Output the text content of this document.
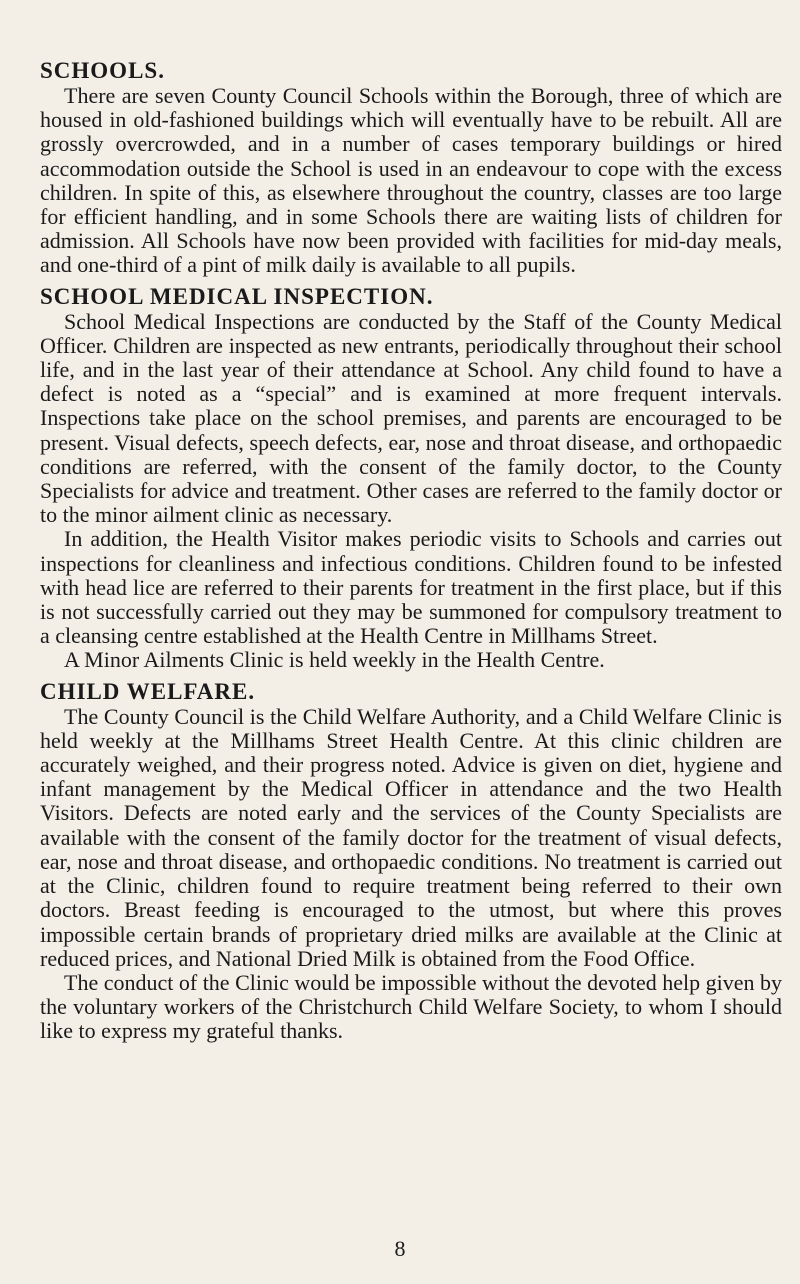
SCHOOLS.

There are seven County Council Schools within the Borough, three of which are housed in old-fashioned buildings which will eventually have to be rebuilt. All are grossly overcrowded, and in a number of cases temporary buildings or hired accommodation outside the School is used in an endeavour to cope with the excess children. In spite of this, as elsewhere throughout the country, classes are too large for efficient handling, and in some Schools there are waiting lists of children for admission. All Schools have now been provided with facilities for mid-day meals, and one-third of a pint of milk daily is available to all pupils.

SCHOOL MEDICAL INSPECTION.

School Medical Inspections are conducted by the Staff of the County Medical Officer. Children are inspected as new entrants, periodically throughout their school life, and in the last year of their attendance at School. Any child found to have a defect is noted as a “special” and is examined at more frequent intervals. Inspections take place on the school premises, and parents are encouraged to be present. Visual defects, speech defects, ear, nose and throat disease, and orthopaedic conditions are referred, with the consent of the family doctor, to the County Specialists for advice and treatment. Other cases are referred to the family doctor or to the minor ailment clinic as necessary.

In addition, the Health Visitor makes periodic visits to Schools and carries out inspections for cleanliness and infectious conditions. Children found to be infested with head lice are referred to their parents for treatment in the first place, but if this is not successfully carried out they may be summoned for compulsory treatment to a cleansing centre established at the Health Centre in Millhams Street.

A Minor Ailments Clinic is held weekly in the Health Centre.

CHILD WELFARE.

The County Council is the Child Welfare Authority, and a Child Welfare Clinic is held weekly at the Millhams Street Health Centre. At this clinic children are accurately weighed, and their progress noted. Advice is given on diet, hygiene and infant management by the Medical Officer in attendance and the two Health Visitors. Defects are noted early and the services of the County Specialists are available with the consent of the family doctor for the treatment of visual defects, ear, nose and throat disease, and orthopaedic conditions. No treatment is carried out at the Clinic, children found to require treatment being referred to their own doctors. Breast feeding is encouraged to the utmost, but where this proves impossible certain brands of proprietary dried milks are available at the Clinic at reduced prices, and National Dried Milk is obtained from the Food Office.

The conduct of the Clinic would be impossible without the devoted help given by the voluntary workers of the Christchurch Child Welfare Society, to whom I should like to express my grateful thanks.

8
